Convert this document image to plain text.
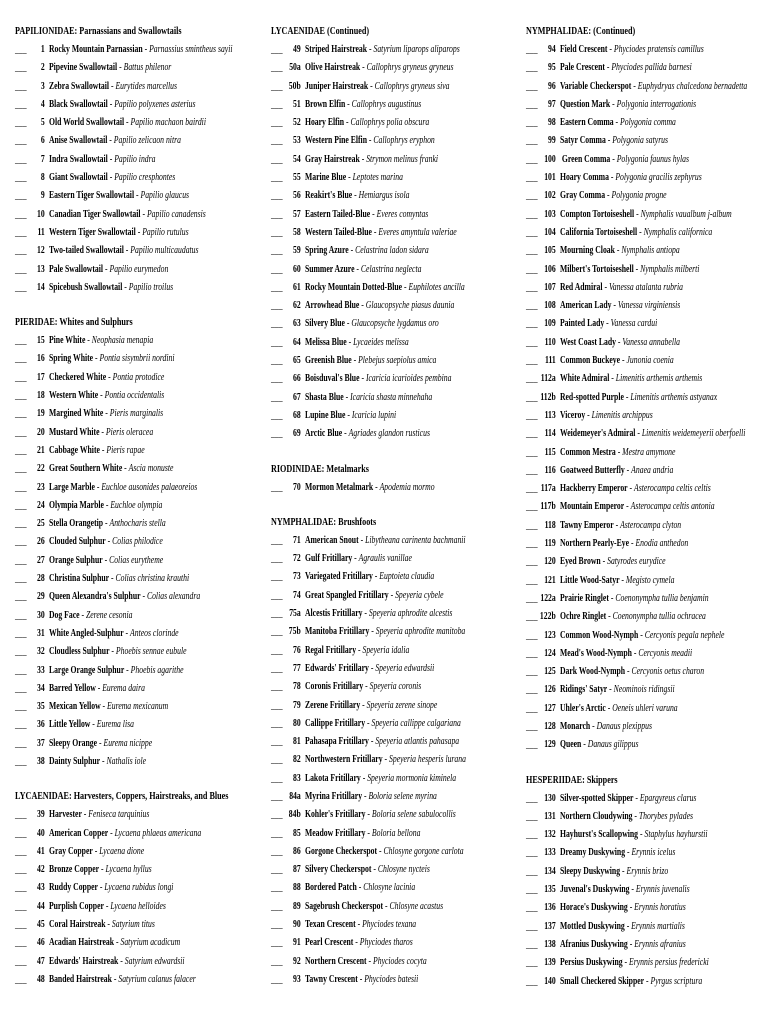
PAPILIONIDAE: Parnassians and Swallowtails
___ 1 Rocky Mountain Parnassian - Parnassius smintheus sayii
___ 2 Pipevine Swallowtail - Battus philenor
___ 3 Zebra Swallowtail - Eurytides marcellus
___ 4 Black Swallowtail - Papilio polyxenes asterius
___ 5 Old World Swallowtail - Papilio machaon bairdii
___ 6 Anise Swallowtail - Papilio zelicaon nitra
___ 7 Indra Swallowtail - Papilio indra
___ 8 Giant Swallowtail - Papilio cresphontes
___ 9 Eastern Tiger Swallowtail - Papilio glaucus
___ 10 Canadian Tiger Swallowtail - Papilio canadensis
___ 11 Western Tiger Swallowtail - Papilio rutulus
___ 12 Two-tailed Swallowtail - Papilio multicaudatus
___ 13 Pale Swallowtail - Papilio eurymedon
___ 14 Spicebush Swallowtail - Papilio troilus
PIERIDAE: Whites and Sulphurs
___ 15 Pine White - Neophasia menapia
___ 16 Spring White - Pontia sisymbrii nordini
___ 17 Checkered White - Pontia protodice
___ 18 Western White - Pontia occidentalis
___ 19 Margined White - Pieris marginalis
___ 20 Mustard White - Pieris oleracea
___ 21 Cabbage White - Pieris rapae
___ 22 Great Southern White - Ascia monuste
___ 23 Large Marble - Euchloe ausonides palaeoreios
___ 24 Olympia Marble - Euchloe olympia
___ 25 Stella Orangetip - Anthocharis stella
___ 26 Clouded Sulphur - Colias philodice
___ 27 Orange Sulphur - Colias eurytheme
___ 28 Christina Sulphur - Colias christina krauthi
___ 29 Queen Alexandra's Sulphur - Colias alexandra
___ 30 Dog Face - Zerene cesonia
___ 31 White Angled-Sulphur - Anteos clorinde
___ 32 Cloudless Sulphur - Phoebis sennae eubule
___ 33 Large Orange Sulphur - Phoebis agarithe
___ 34 Barred Yellow - Eurema daira
___ 35 Mexican Yellow - Eurema mexicanum
___ 36 Little Yellow - Eurema lisa
___ 37 Sleepy Orange - Eurema nicippe
___ 38 Dainty Sulphur - Nathalis iole
LYCAENIDAE: Harvesters, Coppers, Hairstreaks, and Blues
___ 39 Harvester - Feniseca tarquinius
___ 40 American Copper - Lycaena phlaeas americana
___ 41 Gray Copper - Lycaena dione
___ 42 Bronze Copper - Lycaena hyllus
___ 43 Ruddy Copper - Lycaena rubidus longi
___ 44 Purplish Copper - Lycaena helloides
___ 45 Coral Hairstreak - Satyrium titus
___ 46 Acadian Hairstreak - Satyrium acadicum
___ 47 Edwards' Hairstreak - Satyrium edwardsii
___ 48 Banded Hairstreak - Satyrium calanus falacer
LYCAENIDAE (Continued)
___ 49 Striped Hairstreak - Satyrium liparops aliparops
___ 50a Olive Hairstreak - Callophrys gryneus gryneus
___ 50b Juniper Hairstreak - Callophrys gryneus siva
___ 51 Brown Elfin - Callophrys augustinus
___ 52 Hoary Elfin - Callophrys polia obscura
___ 53 Western Pine Elfin - Callophrys eryphon
___ 54 Gray Hairstreak - Strymon melinus franki
___ 55 Marine Blue - Leptotes marina
___ 56 Reakirt's Blue - Hemiargus isola
___ 57 Eastern Tailed-Blue - Everes comyntas
___ 58 Western Tailed-Blue - Everes amyntula valeriae
___ 59 Spring Azure - Celastrina ladon sidara
___ 60 Summer Azure - Celastrina neglecta
___ 61 Rocky Mountain Dotted-Blue - Euphilotes ancilla
___ 62 Arrowhead Blue - Glaucopsyche piasus daunia
___ 63 Silvery Blue - Glaucopsyche lygdamus oro
___ 64 Melissa Blue - Lycaeides melissa
___ 65 Greenish Blue - Plebejus saepiolus amica
___ 66 Boisduval's Blue - Icaricia icarioides pembina
___ 67 Shasta Blue - Icaricia shasta minnehaha
___ 68 Lupine Blue - Icaricia lupini
___ 69 Arctic Blue - Agriades glandon rusticus
RIODINIDAE: Metalmarks
___ 70 Mormon Metalmark - Apodemia mormo
NYMPHALIDAE: Brushfoots
___ 71 American Snout - Libytheana carinenta bachmanii
___ 72 Gulf Fritillary - Agraulis vanillae
___ 73 Variegated Fritillary - Euptoieta claudia
___ 74 Great Spangled Fritillary - Speyeria cybele
___ 75a Alcestis Fritillary - Speyeria aphrodite alcestis
___ 75b Manitoba Fritillary - Speyeria aphrodite manitoba
___ 76 Regal Fritillary - Speyeria idalia
___ 77 Edwards' Fritillary - Speyeria edwardsii
___ 78 Coronis Fritillary - Speyeria coronis
___ 79 Zerene Fritillary - Speyeria zerene sinope
___ 80 Callippe Fritillary - Speyeria callippe calgariana
___ 81 Pahasapa Fritillary - Speyeria atlantis pahasapa
___ 82 Northwestern Fritillary - Speyeria hesperis lurana
___ 83 Lakota Fritillary - Speyeria mormonia kiminela
___ 84a Myrina Fritillary - Boloria selene myrina
___ 84b Kohler's Fritillary - Boloria selene sabulocollis
___ 85 Meadow Fritillary - Boloria bellona
___ 86 Gorgone Checkerspot - Chlosyne gorgone carlota
___ 87 Silvery Checkerspot - Chlosyne nycteis
___ 88 Bordered Patch - Chlosyne lacinia
___ 89 Sagebrush Checkerspot - Chlosyne acastus
___ 90 Texan Crescent - Phyciodes texana
___ 91 Pearl Crescent - Phyciodes tharos
___ 92 Northern Crescent - Phyciodes cocyta
___ 93 Tawny Crescent - Phyciodes batesii
NYMPHALIDAE: (Continued)
___ 94 Field Crescent - Phyciodes pratensis camillus
___ 95 Pale Crescent - Phyciodes pallida barnesi
___ 96 Variable Checkerspot - Euphydryas chalcedona bernadetta
___ 97 Question Mark - Polygonia interrogationis
___ 98 Eastern Comma - Polygonia comma
___ 99 Satyr Comma - Polygonia satyrus
___ 100 Green Comma - Polygonia faunus hylas
___ 101 Hoary Comma - Polygonia gracilis zephyrus
___ 102 Gray Comma - Polygonia progne
___ 103 Compton Tortoiseshell - Nymphalis vaualbum j-album
___ 104 California Tortoiseshell - Nymphalis californica
___ 105 Mourning Cloak - Nymphalis antiopa
___ 106 Milbert's Tortoiseshell - Nymphalis milberti
___ 107 Red Admiral - Vanessa atalanta rubria
___ 108 American Lady - Vanessa virginiensis
___ 109 Painted Lady - Vanessa cardui
___ 110 West Coast Lady - Vanessa annabella
___ 111 Common Buckeye - Junonia coenia
___ 112a White Admiral - Limenitis arthemis arthemis
___ 112b Red-spotted Purple - Limenitis arthemis astyanax
___ 113 Viceroy - Limenitis archippus
___ 114 Weidemeyer's Admiral - Limenitis weidemeyerii oberfoelli
___ 115 Common Mestra - Mestra amymone
___ 116 Goatweed Butterfly - Anaea andria
___ 117a Hackberry Emperor - Asterocampa celtis celtis
___ 117b Mountain Emperor - Asterocampa celtis antonia
___ 118 Tawny Emperor - Asterocampa clyton
___ 119 Northern Pearly-Eye - Enodia anthedon
___ 120 Eyed Brown - Satyrodes eurydice
___ 121 Little Wood-Satyr - Megisto cymela
___ 122a Prairie Ringlet - Coenonympha tullia benjamin
___ 122b Ochre Ringlet - Coenonympha tullia ochracea
___ 123 Common Wood-Nymph - Cercyonis pegala nephele
___ 124 Mead's Wood-Nymph - Cercyonis meadii
___ 125 Dark Wood-Nymph - Cercyonis oetus charon
___ 126 Ridings' Satyr - Neominois ridingsii
___ 127 Uhler's Arctic - Oeneis uhleri varuna
___ 128 Monarch - Danaus plexippus
___ 129 Queen - Danaus gilippus
HESPERIIDAE: Skippers
___ 130 Silver-spotted Skipper - Epargyreus clarus
___ 131 Northern Cloudywing - Thorybes pylades
___ 132 Hayhurst's Scallopwing - Staphylus hayhurstii
___ 133 Dreamy Duskywing - Erynnis icelus
___ 134 Sleepy Duskywing - Erynnis brizo
___ 135 Juvenal's Duskywing - Erynnis juvenalis
___ 136 Horace's Duskywing - Erynnis horatius
___ 137 Mottled Duskywing - Erynnis martialis
___ 138 Afranius Duskywing - Erynnis afranius
___ 139 Persius Duskywing - Erynnis persius fredericki
___ 140 Small Checkered Skipper - Pyrgus scriptura
